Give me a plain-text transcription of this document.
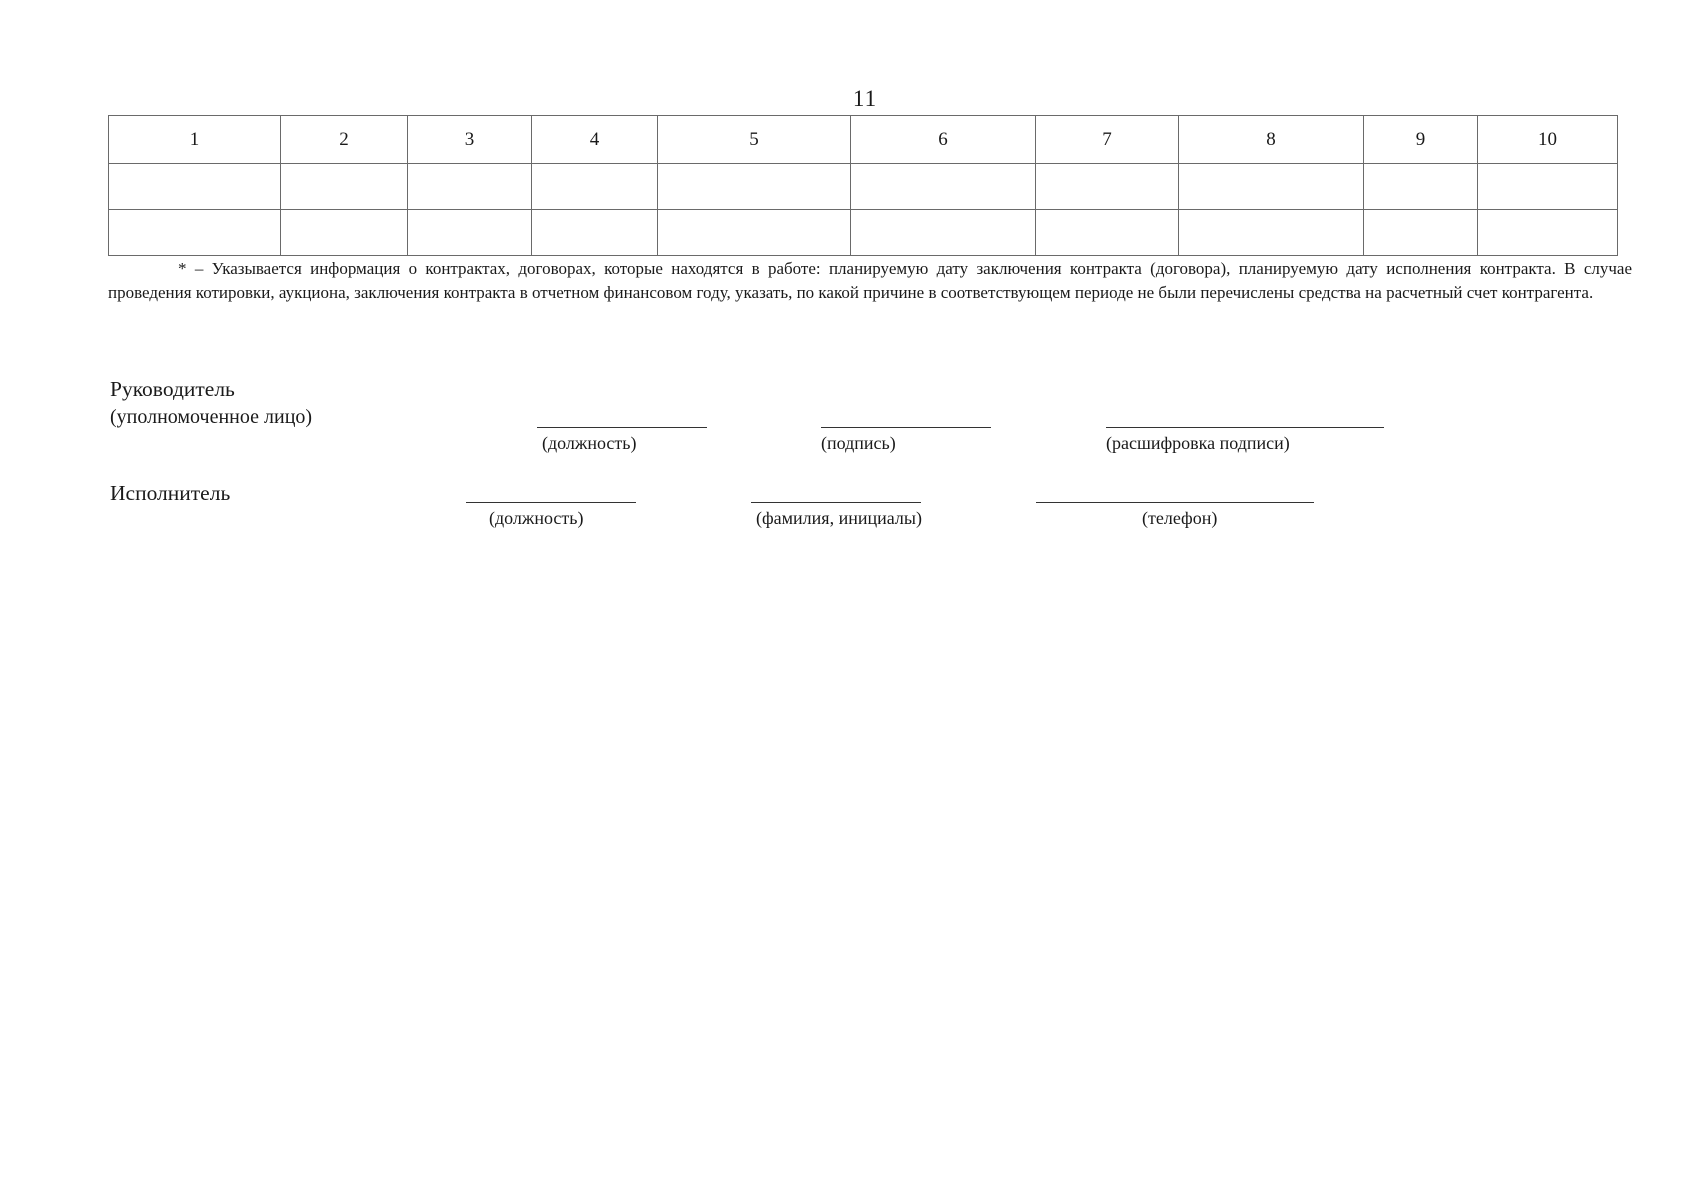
11
1	2	3	4	5	6	7	8	9	10

* – Указывается информация о контрактах, договорах, которые находятся в работе: планируемую дату заключения контракта (договора), планируемую дату исполнения контракта. В случае проведения котировки, аукциона, заключения контракта в отчетном финансовом году, указать, по какой причине в соответствующем периоде не были перечислены средства на расчетный счет контрагента.

Руководитель

(уполномоченное лицо)

(должность)	(подпись)	(расшифровка подписи)

Исполнитель

(должность)	(фамилия, инициалы)	(телефон)
